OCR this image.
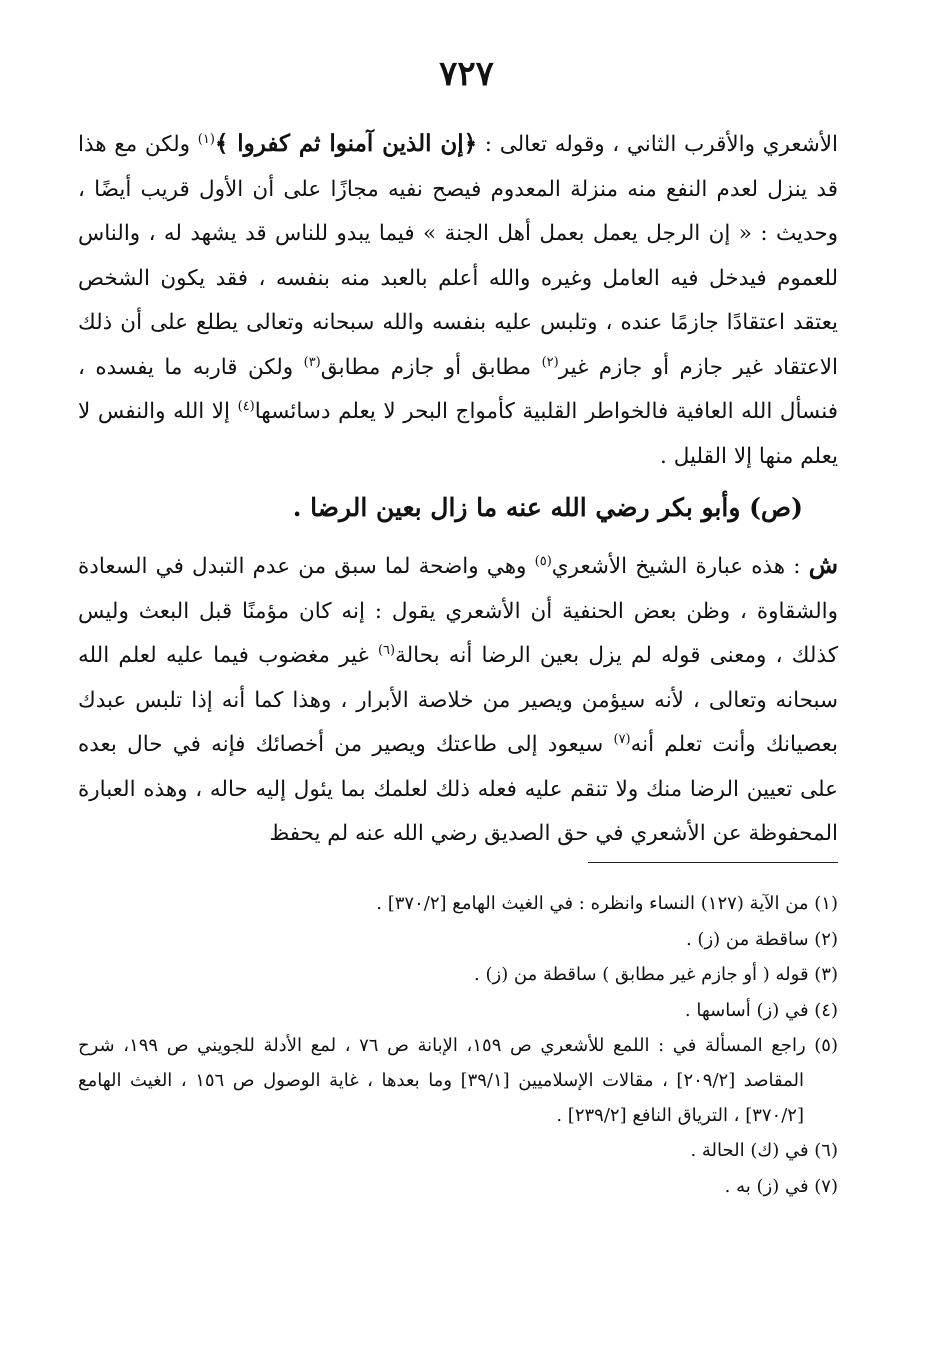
٧٢٧

الأشعري والأقرب الثاني ، وقوله تعالى : ﴿إن الذين آمنوا ثم كفروا ﴾$^{(١)}$ ولكن مع هذا قد ينزل لعدم النفع منه منزلة المعدوم فيصح نفيه مجازًا على أن الأول قريب أيضًا ، وحديث : « إن الرجل يعمل بعمل أهل الجنة » فيما يبدو للناس قد يشهد له ، والناس للعموم فيدخل فيه العامل وغيره والله أعلم بالعبد منه بنفسه ، فقد يكون الشخص يعتقد اعتقادًا جازمًا عنده ، وتلبس عليه بنفسه والله سبحانه وتعالى يطلع على أن ذلك الاعتقاد غير جازم أو جازم غير$^{(٢)}$ مطابق أو جازم مطابق$^{(٣)}$ ولكن قاربه ما يفسده ، فنسأل الله العافية فالخواطر القلبية كأمواج البحر لا يعلم دسائسها$^{(٤)}$ إلا الله والنفس لا يعلم منها إلا القليل .

(ص) وأبو بكر رضي الله عنه ما زال بعين الرضا .

ش : هذه عبارة الشيخ الأشعري$^{(٥)}$ وهي واضحة لما سبق من عدم التبدل في السعادة والشقاوة ، وظن بعض الحنفية أن الأشعري يقول : إنه كان مؤمنًا قبل البعث وليس كذلك ، ومعنى قوله لم يزل بعين الرضا أنه بحالة$^{(٦)}$ غير مغضوب فيما عليه لعلم الله سبحانه وتعالى ، لأنه سيؤمن ويصير من خلاصة الأبرار ، وهذا كما أنه إذا تلبس عبدك بعصيانك وأنت تعلم أنه$^{(٧)}$ سيعود إلى طاعتك ويصير من أخصائك فإنه في حال بعده على تعيين الرضا منك ولا تنقم عليه فعله ذلك لعلمك بما يئول إليه حاله ، وهذه العبارة المحفوظة عن الأشعري في حق الصديق رضي الله عنه لم يحفظ

(١) من الآية (١٢٧) النساء وانظره : في الغيث الهامع [٣٧٠/٢] .

(٢) ساقطة من (ز) .

(٣) قوله ( أو جازم غير مطابق ) ساقطة من (ز) .

(٤) في (ز) أساسها .

(٥) راجع المسألة في : اللمع للأشعري ص ١٥٩، الإبانة ص ٧٦ ، لمع الأدلة للجويني ص ١٩٩، شرح المقاصد [٢٠٩/٢] ، مقالات الإسلاميين [٣٩/١] وما بعدها ، غاية الوصول ص ١٥٦ ، الغيث الهامع [٣٧٠/٢] ، الترياق النافع [٢٣٩/٢] .

(٦) في (ك) الحالة .

(٧) في (ز) به .
